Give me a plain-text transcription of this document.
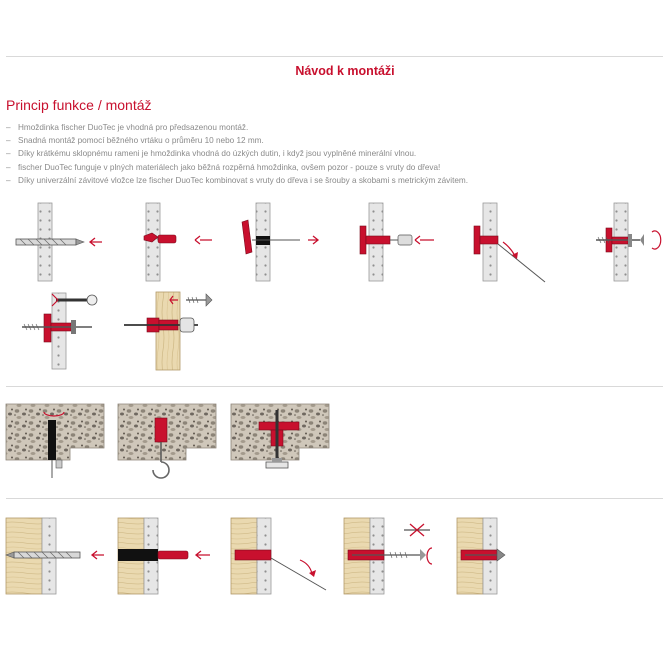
Návod k montáži
Princip funkce / montáž
– Hmoždinka fischer DuoTec je vhodná pro předsazenou montáž.
– Snadná montáž pomocí běžného vrtáku o průměru 10 nebo 12 mm.
– Díky krátkému sklopnému rameni je hmoždinka vhodná do úzkých dutin, i když jsou vyplněné minerální vlnou.
– fischer DuoTec funguje v plných materiálech jako běžná rozpěrná hmoždinka, ovšem pozor - pouze s vruty do dřeva!
– Díky univerzální závitové vložce lze fischer DuoTec kombinovat s vruty do dřeva i se šrouby a skobami s metrickým závitem.
